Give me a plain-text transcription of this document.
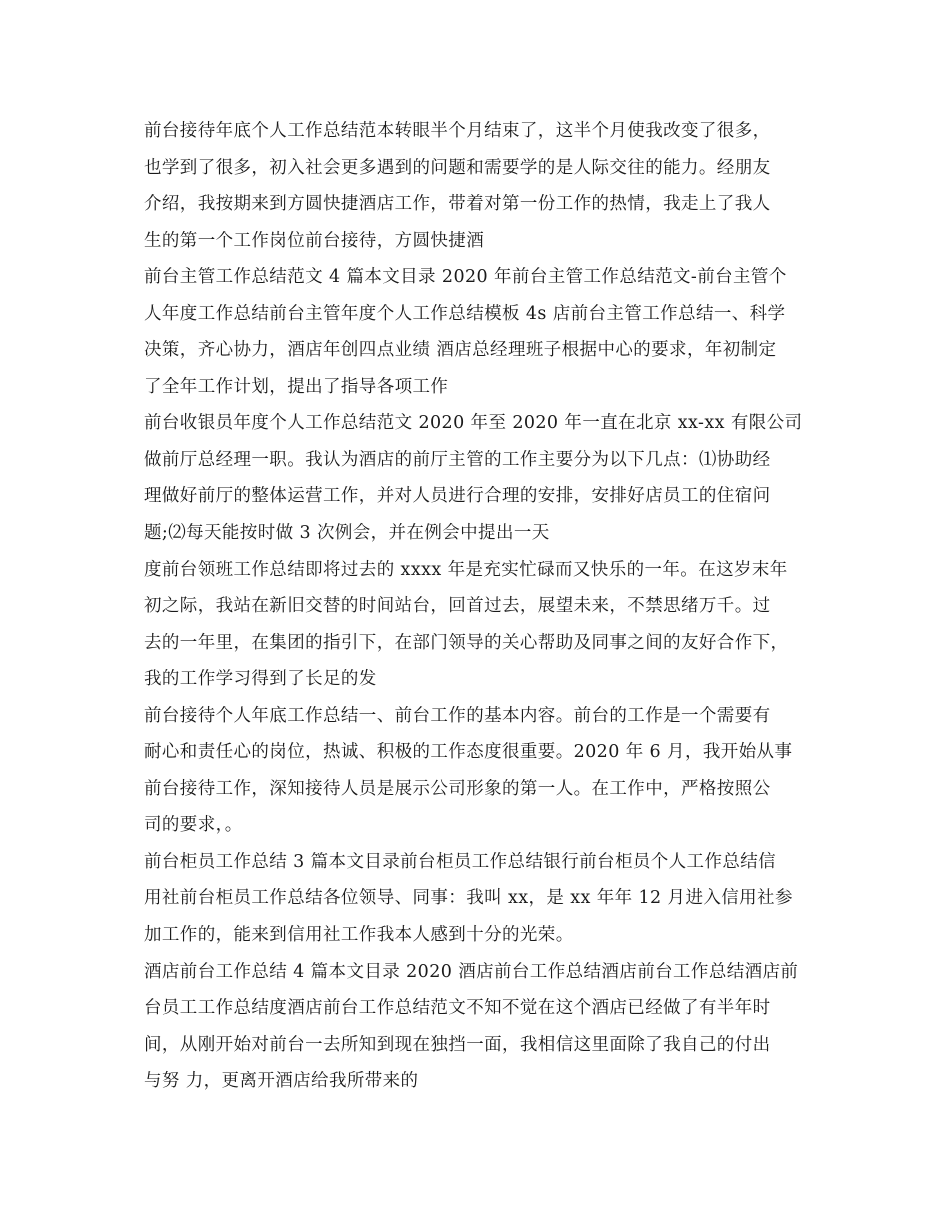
前台接待年底个人工作总结范本转眼半个月结束了，这半个月使我改变了很多，
也学到了很多，初入社会更多遇到的问题和需要学的是人际交往的能力。经朋友
介绍，我按期来到方圆快捷酒店工作，带着对第一份工作的热情，我走上了我人
生的第一个工作岗位前台接待，方圆快捷酒
前台主管工作总结范文 4 篇本文目录 2020 年前台主管工作总结范文-前台主管个
人年度工作总结前台主管年度个人工作总结模板 4s 店前台主管工作总结一、科学
决策，齐心协力，酒店年创四点业绩 酒店总经理班子根据中心的要求，年初制定
了全年工作计划，提出了指导各项工作
前台收银员年度个人工作总结范文 2020 年至 2020 年一直在北京 xx-xx 有限公司
做前厅总经理一职。我认为酒店的前厅主管的工作主要分为以下几点：⑴协助经
理做好前厅的整体运营工作，并对人员进行合理的安排，安排好店员工的住宿问
题;⑵每天能按时做 3 次例会，并在例会中提出一天
度前台领班工作总结即将过去的 xxxx 年是充实忙碌而又快乐的一年。在这岁末年
初之际，我站在新旧交替的时间站台，回首过去，展望未来，不禁思绪万千。过
去的一年里，在集团的指引下，在部门领导的关心帮助及同事之间的友好合作下，
我的工作学习得到了长足的发
前台接待个人年底工作总结一、前台工作的基本内容。前台的工作是一个需要有
耐心和责任心的岗位，热诚、积极的工作态度很重要。2020 年 6 月，我开始从事
前台接待工作，深知接待人员是展示公司形象的第一人。在工作中，严格按照公
司的要求，。
前台柜员工作总结 3 篇本文目录前台柜员工作总结银行前台柜员个人工作总结信
用社前台柜员工作总结各位领导、同事：我叫 xx，是 xx 年年 12 月进入信用社参
加工作的，能来到信用社工作我本人感到十分的光荣。
酒店前台工作总结 4 篇本文目录 2020 酒店前台工作总结酒店前台工作总结酒店前
台员工工作总结度酒店前台工作总结范文不知不觉在这个酒店已经做了有半年时
间，从刚开始对前台一去所知到现在独挡一面，我相信这里面除了我自己的付出
与努 力，更离开酒店给我所带来的
